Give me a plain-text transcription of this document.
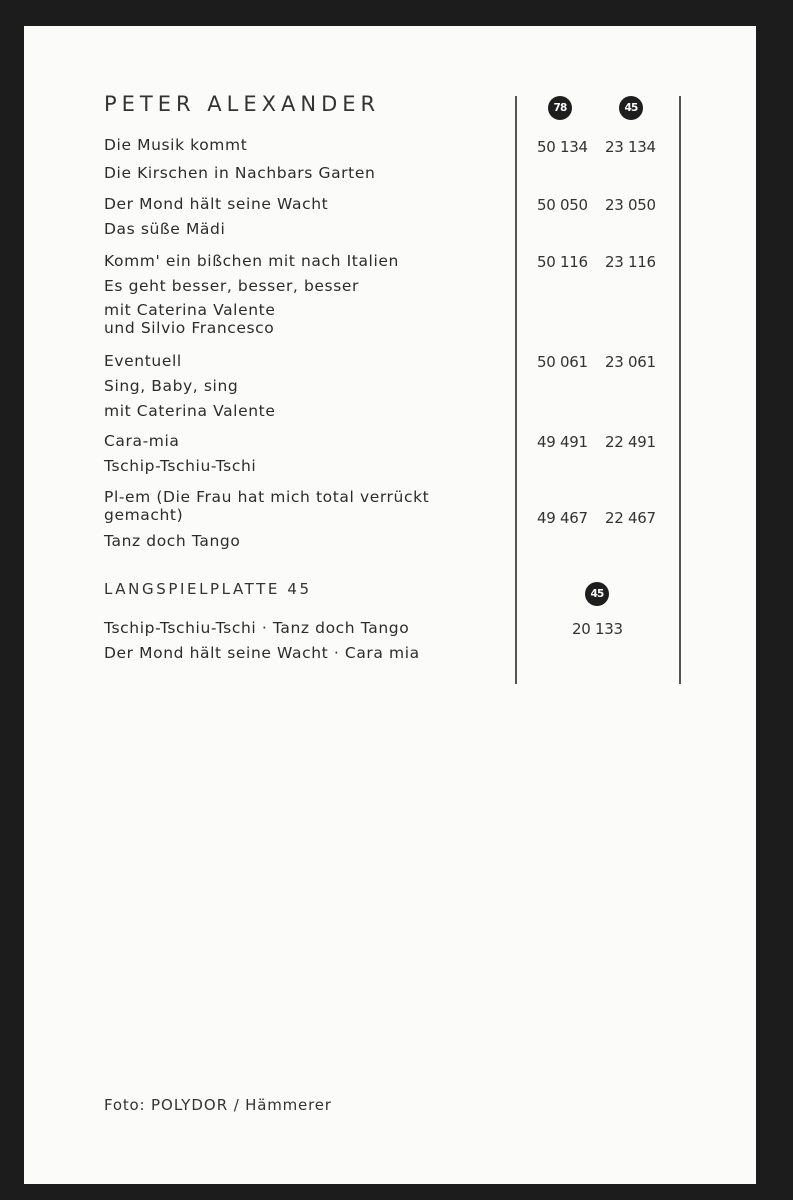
PETER ALEXANDER	78	45
Die Musik kommt
Die Kirschen in Nachbars Garten
50 134 23 134
Der Mond hält seine Wacht
Das süße Mädi
50 050 23 050
Komm' ein bißchen mit nach Italien
Es geht besser, besser, besser
mit Caterina Valente
und Silvio Francesco
50 116 23 116
Eventuell
Sing, Baby, sing
mit Caterina Valente
50 061 23 061
Cara-mia
Tschip-Tschiu-Tschi
49 491 22 491
Pl-em (Die Frau hat mich total verrückt
gemacht)
Tanz doch Tango
49 467 22 467
LANGSPIELPLATTE 45	45
Tschip-Tschiu-Tschi · Tanz doch Tango
Der Mond hält seine Wacht · Cara mia
20 133
Foto: POLYDOR / Hämmerer
